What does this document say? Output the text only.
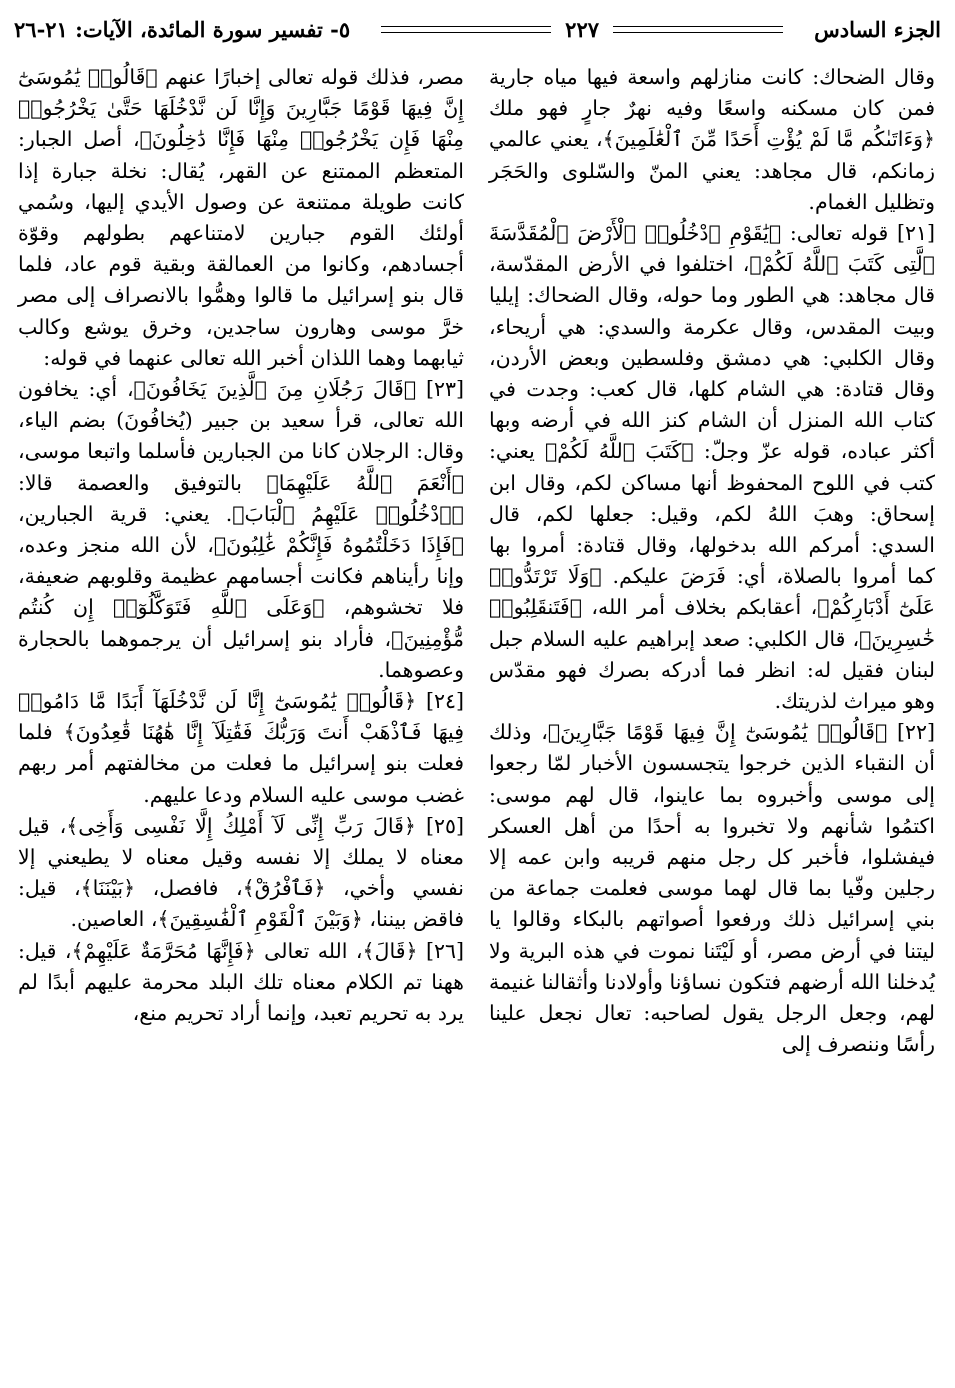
الجزء السادس
٢٢٧
٥- تفسير سورة المائدة، الآيات: ٢١-٢٦

وقال الضحاك: كانت منازلهم واسعة فيها مياه جارية فمن كان مسكنه واسعًا وفيه نهرٌ جارٍ فهو ملك ﴿وَءَاتَىٰكُم مَّا لَمْ يُؤْتِ أَحَدًا مِّنَ ٱلْعَٰلَمِينَ﴾، يعني عالمي زمانكم، قال مجاهد: يعني المنّ والسّلوى والحَجَر وتظليل الغمام.

[٢١] قوله تعالى: ﴿يَٰقَوْمِ ٱدْخُلُوا۟ ٱلْأَرْضَ ٱلْمُقَدَّسَةَ ٱلَّتِى كَتَبَ ٱللَّهُ لَكُمْ﴾، اختلفوا في الأرض المقدّسة، قال مجاهد: هي الطور وما حوله، وقال الضحاك: إيليا وبيت المقدس، وقال عكرمة والسدي: هي أريحاء، وقال الكلبي: هي دمشق وفلسطين وبعض الأردن، وقال قتادة: هي الشام كلها، قال كعب: وجدت في كتاب الله المنزل أن الشام كنز الله في أرضه وبها أكثر عباده، قوله عزّ وجلّ: ﴿كَتَبَ ٱللَّهُ لَكُمْ﴾ يعني: كتب في اللوح المحفوظ أنها مساكن لكم، وقال ابن إسحاق: وهبَ اللهُ لكم، وقيل: جعلها لكم، قال السدي: أمركم الله بدخولها، وقال قتادة: أمروا بها كما أمروا بالصلاة، أي: فَرَضَ عليكم. ﴿وَلَا تَرْتَدُّوا۟ عَلَىٰٓ أَدْبَارِكُمْ﴾، أعقابكم بخلاف أمر الله، ﴿فَتَنقَلِبُوا۟ خَٰسِرِينَ﴾، قال الكلبي: صعد إبراهيم عليه السلام جبل لبنان فقيل له: انظر فما أدركه بصرك فهو مقدّس وهو ميراث لذريتك.

[٢٢] ﴿قَالُوا۟ يَٰمُوسَىٰٓ إِنَّ فِيهَا قَوْمًا جَبَّارِينَ﴾، وذلك أن النقباء الذين خرجوا يتجسسون الأخبار لمّا رجعوا إلى موسى وأخبروه بما عاينوا، قال لهم موسى: اكتمُوا شأنهم ولا تخبروا به أحدًا من أهل العسكر فيفشلوا، فأخبر كل رجل منهم قريبه وابن عمه إلا رجلين وفّيا بما قال لهما موسى فعلمت جماعة من بني إسرائيل ذلك ورفعوا أصواتهم بالبكاء وقالوا يا ليتنا في أرض مصر، أو لَيْتَنا نموت في هذه البرية ولا يُدخلنا الله أرضهم فتكون نساؤنا وأولادنا وأثقالنا غنيمة لهم، وجعل الرجل يقول لصاحبه: تعال نجعل علينا رأسًا وننصرف إلى

مصر، فذلك قوله تعالى إخبارًا عنهم ﴿قَالُوا۟ يَٰمُوسَىٰٓ إِنَّ فِيهَا قَوْمًا جَبَّارِينَ وَإِنَّا لَن نَّدْخُلَهَا حَتَّىٰ يَخْرُجُوا۟ مِنْهَا فَإِن يَخْرُجُوا۟ مِنْهَا فَإِنَّا دَٰخِلُونَ﴾، أصل الجبار: المتعظم الممتنع عن القهر، يُقال: نخلة جبارة إذا كانت طويلة ممتنعة عن وصول الأيدي إليها، وسُمي أولئك القوم جبارين لامتناعهم بطولهم وقوّة أجسادهم، وكانوا من العمالقة وبقية قوم عاد، فلما قال بنو إسرائيل ما قالوا وهمُّوا بالانصراف إلى مصر خرَّ موسى وهارون ساجدين، وخرق يوشع وكالب ثيابهما وهما اللذان أخبر الله تعالى عنهما في قوله:

[٢٣] ﴿قَالَ رَجُلَانِ مِنَ ٱلَّذِينَ يَخَافُونَ﴾، أي: يخافون الله تعالى، قرأ سعيد بن جبير (يُخافُونَ) بضم الياء، وقال: الرجلان كانا من الجبارين فأسلما واتبعا موسى، ﴿أَنْعَمَ ٱللَّهُ عَلَيْهِمَا﴾ بالتوفيق والعصمة قالا: ﴿ٱدْخُلُوا۟ عَلَيْهِمُ ٱلْبَابَ﴾. يعني: قرية الجبارين، ﴿فَإِذَا دَخَلْتُمُوهُ فَإِنَّكُمْ غَٰلِبُونَ﴾، لأن الله منجز وعده، وإنا رأيناهم فكانت أجسامهم عظيمة وقلوبهم ضعيفة، فلا تخشوهم، ﴿وَعَلَى ٱللَّهِ فَتَوَكَّلُوٓا۟ إِن كُنتُم مُّؤْمِنِينَ﴾، فأراد بنو إسرائيل أن يرجموهما بالحجارة وعصوهما.

[٢٤] ﴿قَالُوا۟ يَٰمُوسَىٰٓ إِنَّا لَن نَّدْخُلَهَآ أَبَدًا مَّا دَامُوا۟ فِيهَا فَٱذْهَبْ أَنتَ وَرَبُّكَ فَقَٰتِلَآ إِنَّا هَٰهُنَا قَٰعِدُونَ﴾ فلما فعلت بنو إسرائيل ما فعلت من مخالفتهم أمر ربهم غضب موسى عليه السلام ودعا عليهم.

[٢٥] ﴿قَالَ رَبِّ إِنِّى لَآ أَمْلِكُ إِلَّا نَفْسِى وَأَخِى﴾، قيل معناه لا يملك إلا نفسه وقيل معناه لا يطيعني إلا نفسي وأخي، ﴿فَٱفْرُقْ﴾، فافصل، ﴿بَيْنَنَا﴾، قيل: فاقض بيننا، ﴿وَبَيْنَ ٱلْقَوْمِ ٱلْفَٰسِقِينَ﴾، العاصين.

[٢٦] ﴿قَالَ﴾، الله تعالى ﴿فَإِنَّهَا مُحَرَّمَةٌ عَلَيْهِمْ﴾، قيل: ههنا تم الكلام معناه تلك البلد محرمة عليهم أبدًا لم يرد به تحريم تعبد، وإنما أراد تحريم منع،
